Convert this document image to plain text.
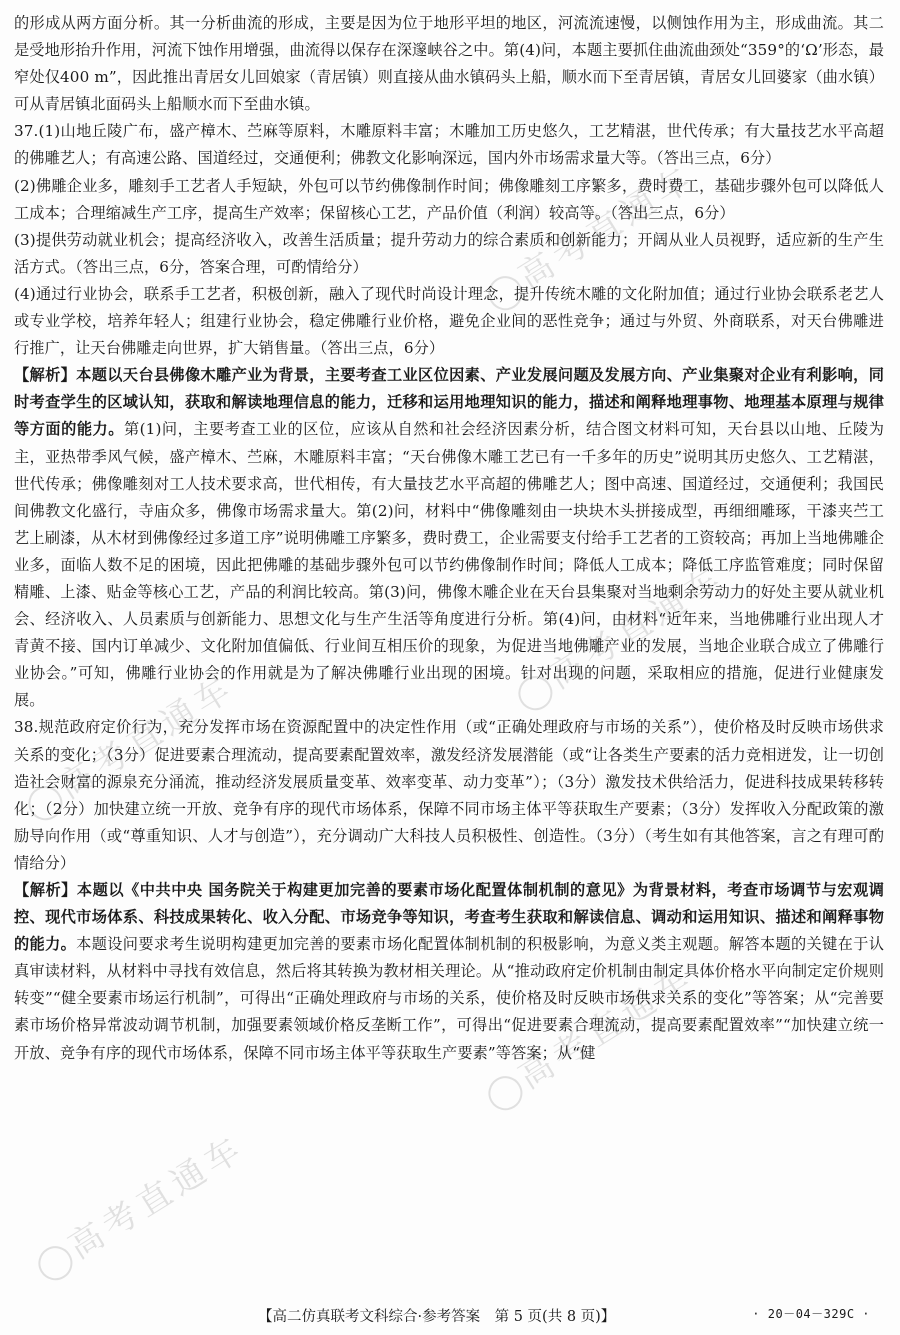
高考直通车
高考直通车
高考直通车
高考直通车
高考直通车

的形成从两方面分析。其一分析曲流的形成，主要是因为位于地形平坦的地区，河流流速慢，以侧蚀作用为主，形成曲流。其二是受地形抬升作用，河流下蚀作用增强，曲流得以保存在深邃峡谷之中。第(4)问，本题主要抓住曲流曲颈处“359°的‘Ω’形态，最窄处仅400 m”，因此推出青居女儿回娘家（青居镇）则直接从曲水镇码头上船，顺水而下至青居镇，青居女儿回婆家（曲水镇）可从青居镇北面码头上船顺水而下至曲水镇。

37.(1)山地丘陵广布，盛产樟木、苎麻等原料，木雕原料丰富；木雕加工历史悠久，工艺精湛，世代传承；有大量技艺水平高超的佛雕艺人；有高速公路、国道经过，交通便利；佛教文化影响深远，国内外市场需求量大等。（答出三点，6分）

(2)佛雕企业多，雕刻手工艺者人手短缺，外包可以节约佛像制作时间；佛像雕刻工序繁多，费时费工，基础步骤外包可以降低人工成本；合理缩减生产工序，提高生产效率；保留核心工艺，产品价值（利润）较高等。（答出三点，6分）

(3)提供劳动就业机会；提高经济收入，改善生活质量；提升劳动力的综合素质和创新能力；开阔从业人员视野，适应新的生产生活方式。（答出三点，6分，答案合理，可酌情给分）

(4)通过行业协会，联系手工艺者，积极创新，融入了现代时尚设计理念，提升传统木雕的文化附加值；通过行业协会联系老艺人或专业学校，培养年轻人；组建行业协会，稳定佛雕行业价格，避免企业间的恶性竞争；通过与外贸、外商联系，对天台佛雕进行推广，让天台佛雕走向世界，扩大销售量。（答出三点，6分）

【解析】本题以天台县佛像木雕产业为背景，主要考查工业区位因素、产业发展问题及发展方向、产业集聚对企业有利影响，同时考查学生的区域认知，获取和解读地理信息的能力，迁移和运用地理知识的能力，描述和阐释地理事物、地理基本原理与规律等方面的能力。第(1)问，主要考查工业的区位，应该从自然和社会经济因素分析，结合图文材料可知，天台县以山地、丘陵为主，亚热带季风气候，盛产樟木、苎麻，木雕原料丰富；“天台佛像木雕工艺已有一千多年的历史”说明其历史悠久、工艺精湛，世代传承；佛像雕刻对工人技术要求高，世代相传，有大量技艺水平高超的佛雕艺人；图中高速、国道经过，交通便利；我国民间佛教文化盛行，寺庙众多，佛像市场需求量大。第(2)问，材料中“佛像雕刻由一块块木头拼接成型，再细细雕琢，干漆夹苎工艺上刷漆，从木材到佛像经过多道工序”说明佛雕工序繁多，费时费工，企业需要支付给手工艺者的工资较高；再加上当地佛雕企业多，面临人数不足的困境，因此把佛雕的基础步骤外包可以节约佛像制作时间；降低人工成本；降低工序监管难度；同时保留精雕、上漆、贴金等核心工艺，产品的利润比较高。第(3)问，佛像木雕企业在天台县集聚对当地剩余劳动力的好处主要从就业机会、经济收入、人员素质与创新能力、思想文化与生产生活等角度进行分析。第(4)问，由材料“近年来，当地佛雕行业出现人才青黄不接、国内订单减少、文化附加值偏低、行业间互相压价的现象，为促进当地佛雕产业的发展，当地企业联合成立了佛雕行业协会。”可知，佛雕行业协会的作用就是为了解决佛雕行业出现的困境。针对出现的问题，采取相应的措施，促进行业健康发展。

38.规范政府定价行为，充分发挥市场在资源配置中的决定性作用（或“正确处理政府与市场的关系”），使价格及时反映市场供求关系的变化；（3分）促进要素合理流动，提高要素配置效率，激发经济发展潜能（或“让各类生产要素的活力竞相迸发，让一切创造社会财富的源泉充分涌流，推动经济发展质量变革、效率变革、动力变革”）；（3分）激发技术供给活力，促进科技成果转移转化；（2分）加快建立统一开放、竞争有序的现代市场体系，保障不同市场主体平等获取生产要素；（3分）发挥收入分配政策的激励导向作用（或“尊重知识、人才与创造”），充分调动广大科技人员积极性、创造性。（3分）（考生如有其他答案，言之有理可酌情给分）

【解析】本题以《中共中央 国务院关于构建更加完善的要素市场化配置体制机制的意见》为背景材料，考查市场调节与宏观调控、现代市场体系、科技成果转化、收入分配、市场竞争等知识，考查考生获取和解读信息、调动和运用知识、描述和阐释事物的能力。本题设问要求考生说明构建更加完善的要素市场化配置体制机制的积极影响，为意义类主观题。解答本题的关键在于认真审读材料，从材料中寻找有效信息，然后将其转换为教材相关理论。从“推动政府定价机制由制定具体价格水平向制定定价规则转变”“健全要素市场运行机制”，可得出“正确处理政府与市场的关系，使价格及时反映市场供求关系的变化”等答案；从“完善要素市场价格异常波动调节机制，加强要素领域价格反垄断工作”，可得出“促进要素合理流动，提高要素配置效率”“加快建立统一开放、竞争有序的现代市场体系，保障不同市场主体平等获取生产要素”等答案；从“健

【高二仿真联考文科综合·参考答案　第 5 页(共 8 页)】	· 20－04－329C ·
